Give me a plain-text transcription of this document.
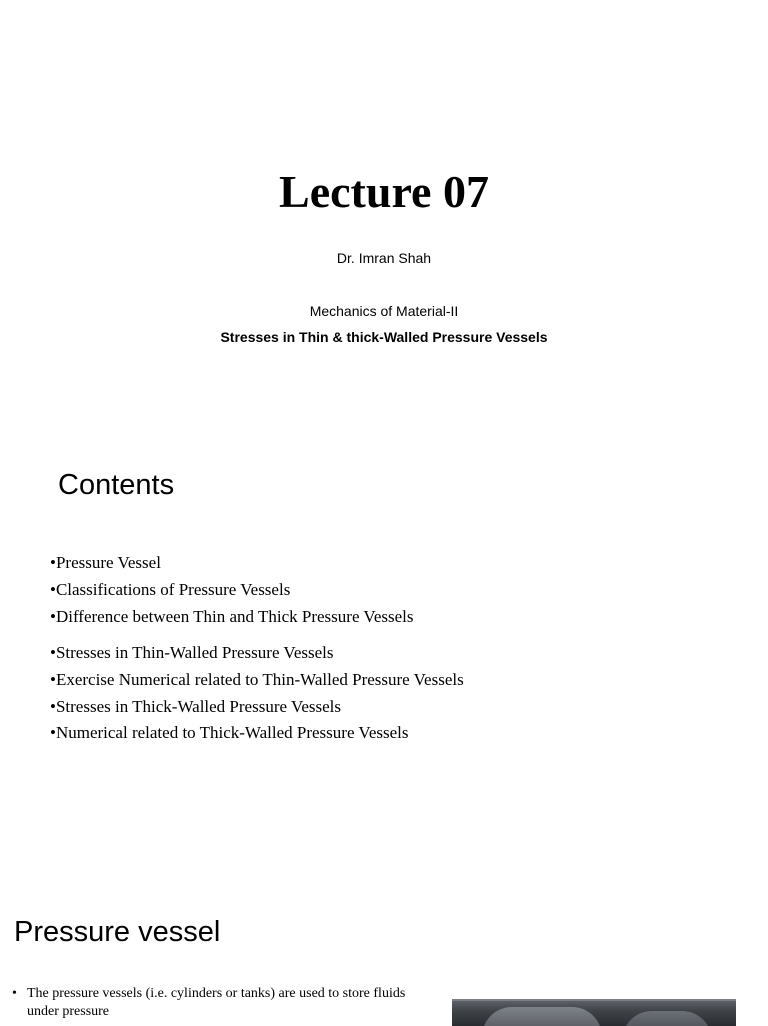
Lecture 07
Dr. Imran Shah
Mechanics of Material-II
Stresses in Thin & thick-Walled Pressure Vessels
Contents
•Pressure Vessel
•Classifications of Pressure Vessels
•Difference between Thin and Thick Pressure Vessels
•Stresses in Thin-Walled Pressure Vessels
•Exercise Numerical related to Thin-Walled Pressure Vessels
•Stresses in Thick-Walled Pressure Vessels
•Numerical related to Thick-Walled Pressure Vessels
Pressure vessel
• The pressure vessels (i.e. cylinders or tanks) are used to store fluids under pressure
